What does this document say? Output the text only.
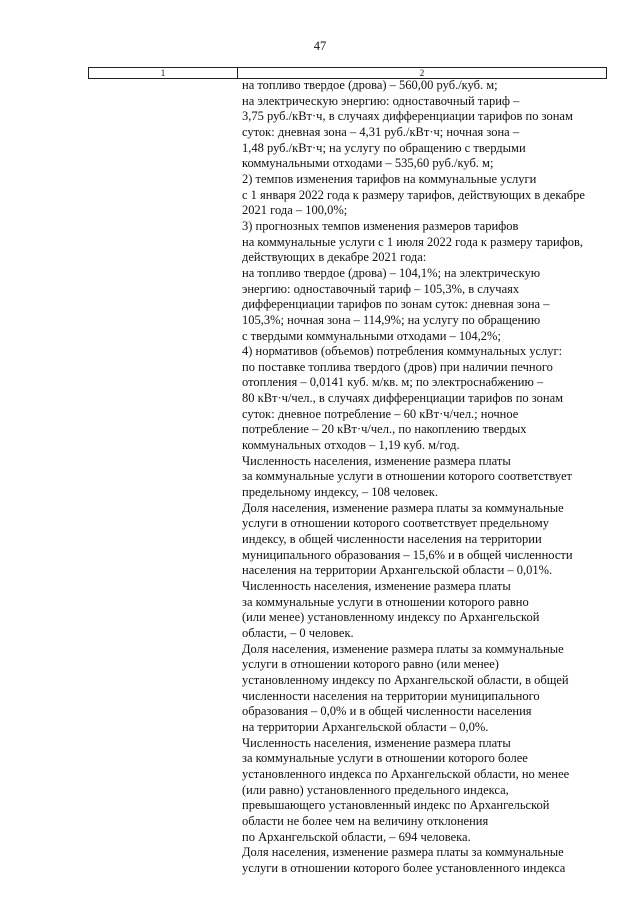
47
1	2
на топливо твердое (дрова) – 560,00 руб./куб. м;
на электрическую энергию: одноставочный тариф –
3,75 руб./кВт·ч, в случаях дифференциации тарифов по зонам
суток: дневная зона – 4,31 руб./кВт·ч; ночная зона –
1,48 руб./кВт·ч; на услугу по обращению с твердыми
коммунальными отходами – 535,60 руб./куб. м;
2) темпов изменения тарифов на коммунальные услуги
с 1 января 2022 года к размеру тарифов, действующих в декабре
2021 года – 100,0%;
3) прогнозных темпов изменения размеров тарифов
на коммунальные услуги с 1 июля 2022 года к размеру тарифов,
действующих в декабре 2021 года:
на топливо твердое (дрова) – 104,1%; на электрическую
энергию: одноставочный тариф – 105,3%, в случаях
дифференциации тарифов по зонам суток: дневная зона –
105,3%; ночная зона – 114,9%; на услугу по обращению
с твердыми коммунальными отходами – 104,2%;
4) нормативов (объемов) потребления коммунальных услуг:
по поставке топлива твердого (дров) при наличии печного
отопления – 0,0141 куб. м/кв. м; по электроснабжению –
80 кВт·ч/чел., в случаях дифференциации тарифов по зонам
суток: дневное потребление – 60 кВт·ч/чел.; ночное
потребление – 20 кВт·ч/чел., по накоплению твердых
коммунальных отходов – 1,19 куб. м/год.
Численность населения, изменение размера платы
за коммунальные услуги в отношении которого соответствует
предельному индексу, – 108 человек.
Доля населения, изменение размера платы за коммунальные
услуги в отношении которого соответствует предельному
индексу, в общей численности населения на территории
муниципального образования – 15,6% и в общей численности
населения на территории Архангельской области – 0,01%.
Численность населения, изменение размера платы
за коммунальные услуги в отношении которого равно
(или менее) установленному индексу по Архангельской
области, – 0 человек.
Доля населения, изменение размера платы за коммунальные
услуги в отношении которого равно (или менее)
установленному индексу по Архангельской области, в общей
численности населения на территории муниципального
образования – 0,0% и в общей численности населения
на территории Архангельской области – 0,0%.
Численность населения, изменение размера платы
за коммунальные услуги в отношении которого более
установленного индекса по Архангельской области, но менее
(или равно) установленного предельного индекса,
превышающего установленный индекс по Архангельской
области не более чем на величину отклонения
по Архангельской области, – 694 человека.
Доля населения, изменение размера платы за коммунальные
услуги в отношении которого более установленного индекса
